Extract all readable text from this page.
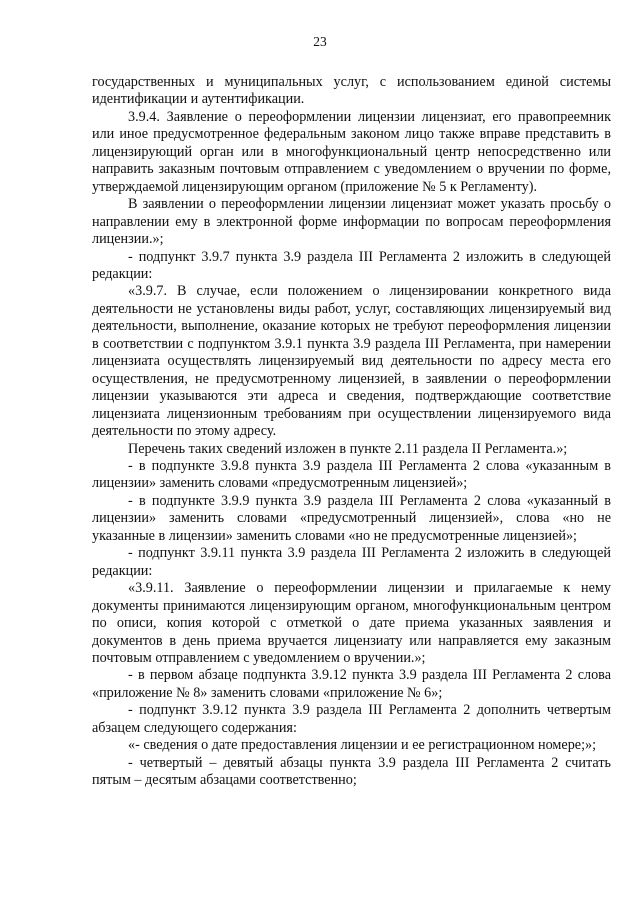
23

государственных и муниципальных услуг, с использованием единой системы идентификации и аутентификации.

3.9.4. Заявление о переоформлении лицензии лицензиат, его правопреемник или иное предусмотренное федеральным законом лицо также вправе представить в лицензирующий орган или в многофункциональный центр непосредственно или направить заказным почтовым отправлением с уведомлением о вручении по форме, утверждаемой лицензирующим органом (приложение № 5 к Регламенту).

В заявлении о переоформлении лицензии лицензиат может указать просьбу о направлении ему в электронной форме информации по вопросам переоформления лицензии.»;

- подпункт 3.9.7 пункта 3.9 раздела III Регламента 2 изложить в следующей редакции:

«3.9.7. В случае, если положением о лицензировании конкретного вида деятельности не установлены виды работ, услуг, составляющих лицензируемый вид деятельности, выполнение, оказание которых не требуют переоформления лицензии в соответствии с подпунктом 3.9.1 пункта 3.9 раздела III Регламента, при намерении лицензиата осуществлять лицензируемый вид деятельности по адресу места его осуществления, не предусмотренному лицензией, в заявлении о переоформлении лицензии указываются эти адреса и сведения, подтверждающие соответствие лицензиата лицензионным требованиям при осуществлении лицензируемого вида деятельности по этому адресу.

Перечень таких сведений изложен в пункте 2.11 раздела II Регламента.»;

- в подпункте 3.9.8 пункта 3.9 раздела III Регламента 2 слова «указанным в лицензии» заменить словами «предусмотренным лицензией»;

- в подпункте 3.9.9 пункта 3.9 раздела III Регламента 2 слова «указанный в лицензии» заменить словами «предусмотренный лицензией», слова «но не указанные в лицензии» заменить словами «но не предусмотренные лицензией»;

- подпункт 3.9.11 пункта 3.9 раздела III Регламента 2 изложить в следующей редакции:

«3.9.11. Заявление о переоформлении лицензии и прилагаемые к нему документы принимаются лицензирующим органом, многофункциональным центром по описи, копия которой с отметкой о дате приема указанных заявления и документов в день приема вручается лицензиату или направляется ему заказным почтовым отправлением с уведомлением о вручении.»;

- в первом абзаце подпункта 3.9.12 пункта 3.9 раздела III Регламента 2 слова «приложение № 8» заменить словами «приложение № 6»;

- подпункт 3.9.12 пункта 3.9 раздела III Регламента 2 дополнить четвертым абзацем следующего содержания:

«- сведения о дате предоставления лицензии и ее регистрационном номере;»;

- четвертый – девятый абзацы пункта 3.9 раздела III Регламента 2 считать пятым – десятым абзацами соответственно;
